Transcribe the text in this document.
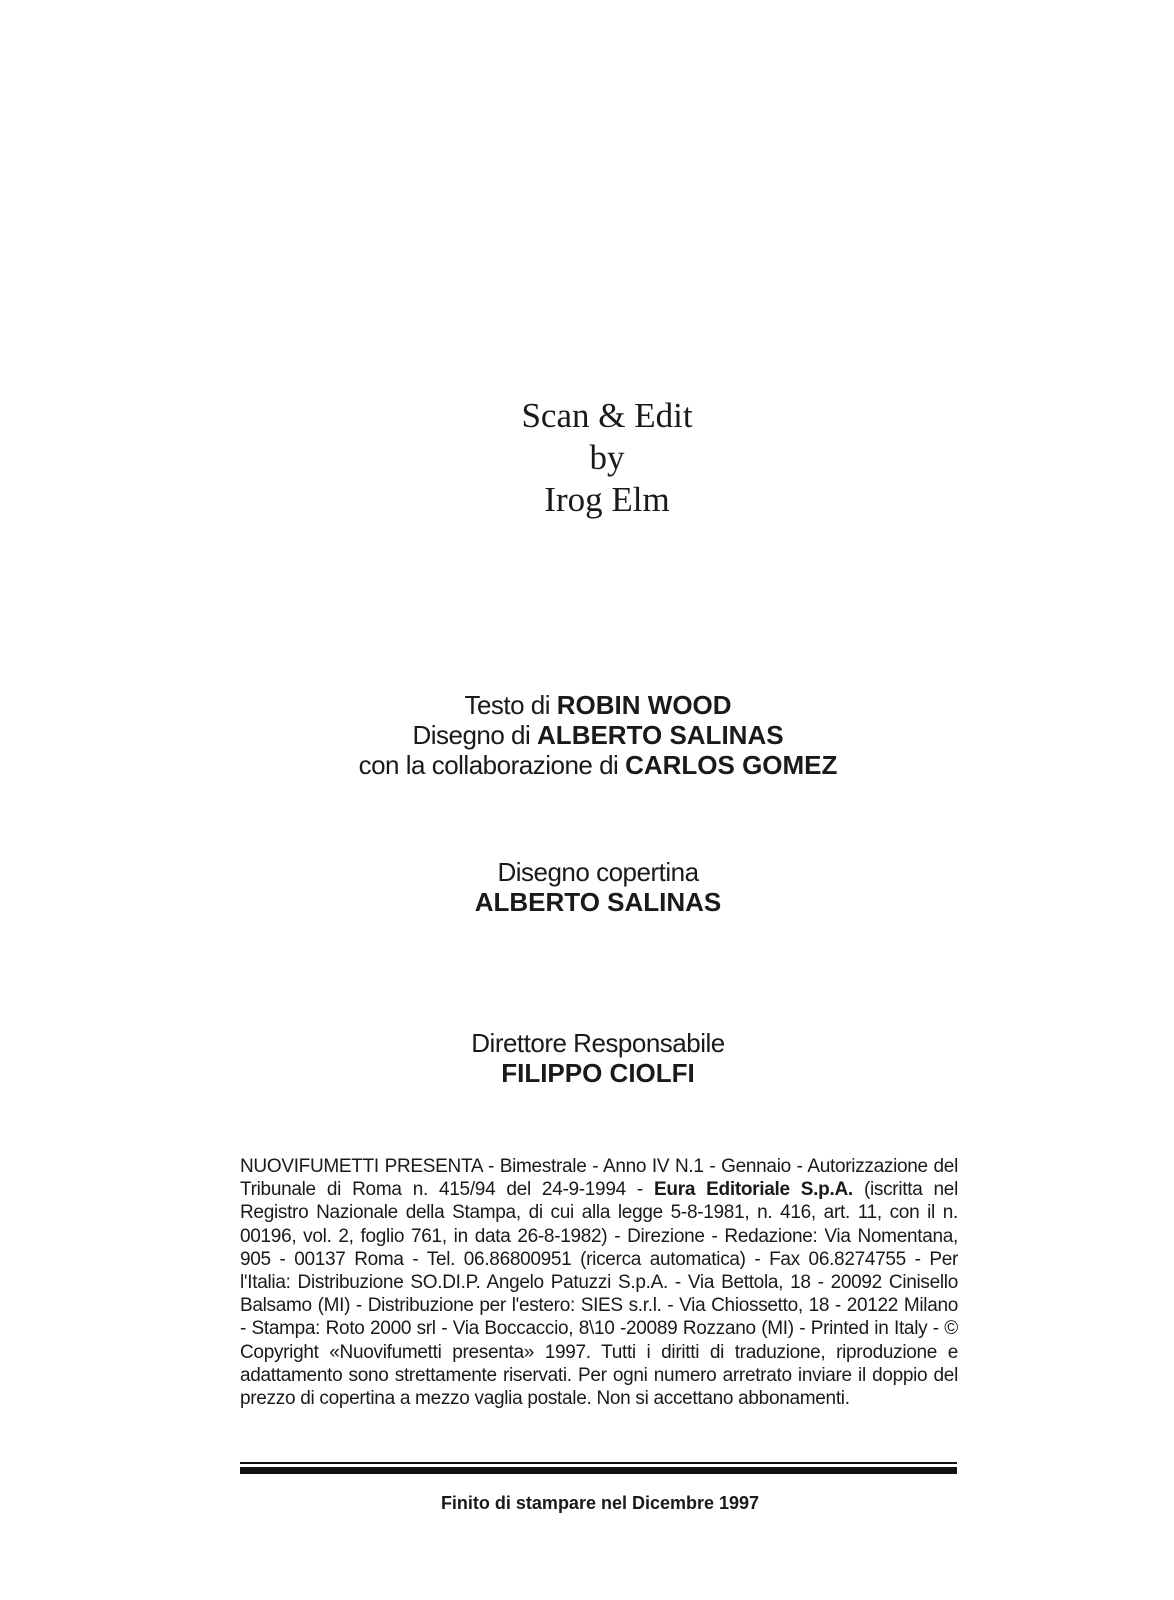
Scan & Edit
by
Irog Elm
Testo di ROBIN WOOD
Disegno di ALBERTO SALINAS
con la collaborazione di CARLOS GOMEZ
Disegno copertina
ALBERTO SALINAS
Direttore Responsabile
FILIPPO CIOLFI
NUOVIFUMETTI PRESENTA - Bimestrale - Anno IV N.1 - Gennaio - Autorizzazione del Tribunale di Roma n. 415/94 del 24-9-1994 - Eura Editoriale S.p.A. (iscritta nel Registro Nazionale della Stampa, di cui alla legge 5-8-1981, n. 416, art. 11, con il n. 00196, vol. 2, foglio 761, in data 26-8-1982) - Direzione - Redazione: Via Nomentana, 905 - 00137 Roma - Tel. 06.86800951 (ricerca automatica) - Fax 06.8274755 - Per l'Italia: Distribuzione SO.DI.P. Angelo Patuzzi S.p.A. - Via Bettola, 18 - 20092 Cinisello Balsamo (MI) - Distribuzione per l'estero: SIES s.r.l. - Via Chiossetto, 18 - 20122 Milano - Stampa: Roto 2000 srl - Via Boccaccio, 8\10 -20089 Rozzano (MI) - Printed in Italy - © Copyright «Nuovifumetti presenta» 1997. Tutti i diritti di traduzione, riproduzione e adattamento sono strettamente riservati. Per ogni numero arretrato inviare il doppio del prezzo di copertina a mezzo vaglia postale. Non si accettano abbonamenti.
Finito di stampare nel Dicembre 1997
